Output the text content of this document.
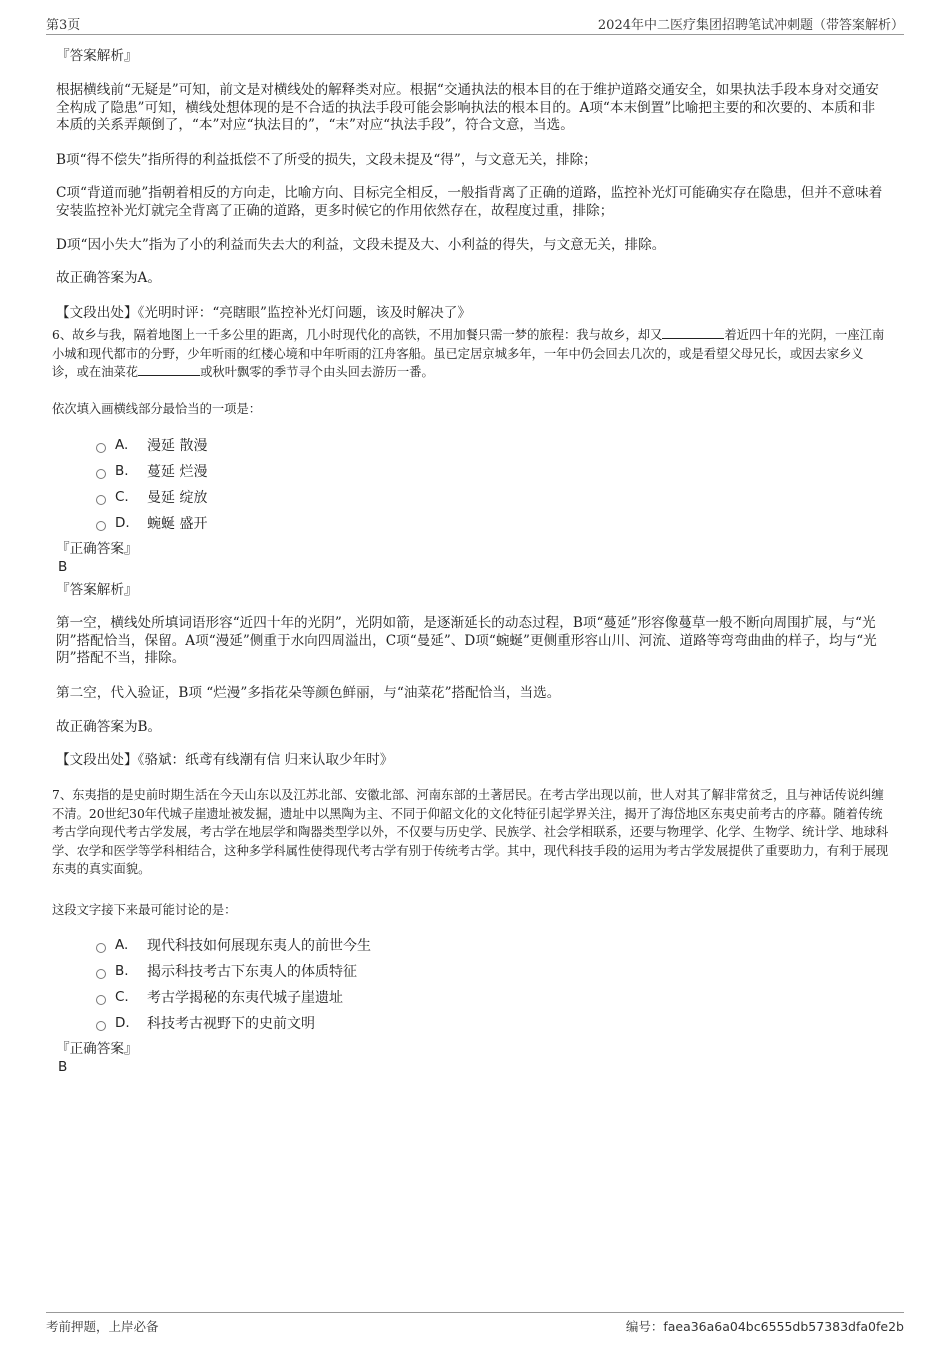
第3页	2024年中二医疗集团招聘笔试冲刺题（带答案解析）

『答案解析』

根据横线前“无疑是”可知，前文是对横线处的解释类对应。根据“交通执法的根本目的在于维护道路交通安全，如果执法手段本身对交通安全构成了隐患”可知，横线处想体现的是不合适的执法手段可能会影响执法的根本目的。A项“本末倒置”比喻把主要的和次要的、本质和非本质的关系弄颠倒了，“本”对应“执法目的”，“末”对应“执法手段”，符合文意，当选。

B项“得不偿失”指所得的利益抵偿不了所受的损失，文段未提及“得”，与文意无关，排除；

C项“背道而驰”指朝着相反的方向走，比喻方向、目标完全相反，一般指背离了正确的道路，监控补光灯可能确实存在隐患，但并不意味着安装监控补光灯就完全背离了正确的道路，更多时候它的作用依然存在，故程度过重，排除；

D项“因小失大”指为了小的利益而失去大的利益，文段未提及大、小利益的得失，与文意无关，排除。

故正确答案为A。

【文段出处】《光明时评：“亮瞎眼”监控补光灯问题，该及时解决了》

6、故乡与我，隔着地图上一千多公里的距离，几小时现代化的高铁，不用加餐只需一梦的旅程：我与故乡，却又	着近四十年的光阴，一座江南小城和现代都市的分野，少年听雨的红楼心境和中年听雨的江舟客船。虽已定居京城多年，一年中仍会回去几次的，或是看望父母兄长，或因去家乡义诊，或在油菜花	或秋叶飘零的季节寻个由头回去游历一番。

依次填入画横线部分最恰当的一项是：

A.	漫延 散漫
B.	蔓延 烂漫
C.	曼延 绽放
D.	蜿蜒 盛开

『正确答案』

B

『答案解析』

第一空，横线处所填词语形容“近四十年的光阴”，光阴如箭，是逐渐延长的动态过程，B项“蔓延”形容像蔓草一般不断向周围扩展，与“光阴”搭配恰当，保留。A项“漫延”侧重于水向四周溢出，C项“曼延”、D项“蜿蜒”更侧重形容山川、河流、道路等弯弯曲曲的样子，均与“光阴”搭配不当，排除。

第二空，代入验证，B项 “烂漫”多指花朵等颜色鲜丽，与“油菜花”搭配恰当，当选。

故正确答案为B。

【文段出处】《骆斌：纸鸢有线潮有信 归来认取少年时》

7、东夷指的是史前时期生活在今天山东以及江苏北部、安徽北部、河南东部的土著居民。在考古学出现以前，世人对其了解非常贫乏，且与神话传说纠缠不清。20世纪30年代城子崖遗址被发掘，遗址中以黑陶为主、不同于仰韶文化的文化特征引起学界关注，揭开了海岱地区东夷史前考古的序幕。随着传统考古学向现代考古学发展，考古学在地层学和陶器类型学以外，不仅要与历史学、民族学、社会学相联系，还要与物理学、化学、生物学、统计学、地球科学、农学和医学等学科相结合，这种多学科属性使得现代考古学有别于传统考古学。其中，现代科技手段的运用为考古学发展提供了重要助力，有利于展现东夷的真实面貌。

这段文字接下来最可能讨论的是：

A.	现代科技如何展现东夷人的前世今生
B.	揭示科技考古下东夷人的体质特征
C.	考古学揭秘的东夷代城子崖遗址
D.	科技考古视野下的史前文明

『正确答案』

B

考前押题，上岸必备	编号：faea36a6a04bc6555db57383dfa0fe2b
